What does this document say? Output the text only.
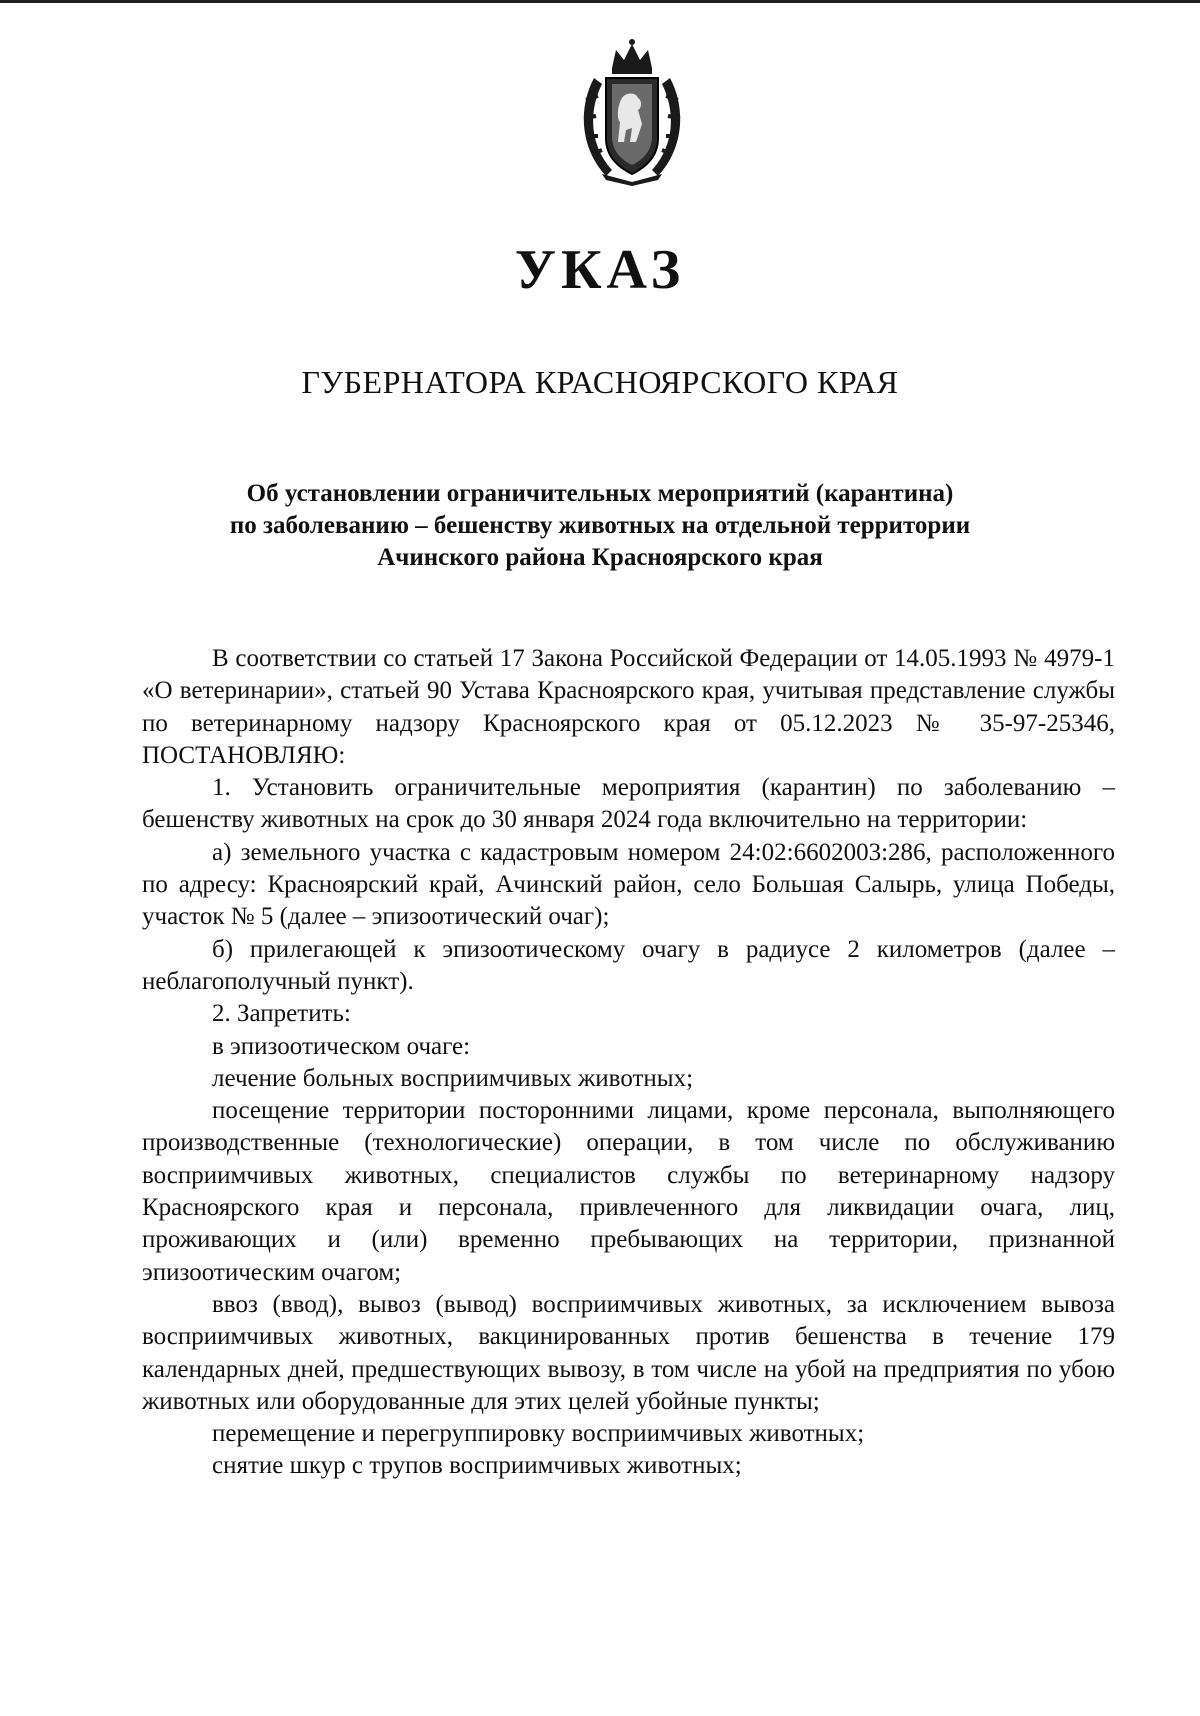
УКАЗ
ГУБЕРНАТОРА КРАСНОЯРСКОГО КРАЯ
Об установлении ограничительных мероприятий (карантина)
по заболеванию – бешенству животных на отдельной территории
Ачинского района Красноярского края

В соответствии со статьей 17 Закона Российской Федерации от 14.05.1993 № 4979-1 «О ветеринарии», статьей 90 Устава Красноярского края, учитывая представление службы по ветеринарному надзору Красноярского края от 05.12.2023 № 35-97-25346, ПОСТАНОВЛЯЮ:

1. Установить ограничительные мероприятия (карантин) по заболеванию – бешенству животных на срок до 30 января 2024 года включительно на территории:

а) земельного участка с кадастровым номером 24:02:6602003:286, расположенного по адресу: Красноярский край, Ачинский район, село Большая Салырь, улица Победы, участок № 5 (далее – эпизоотический очаг);

б) прилегающей к эпизоотическому очагу в радиусе 2 километров (далее – неблагополучный пункт).

2. Запретить:

в эпизоотическом очаге:

лечение больных восприимчивых животных;

посещение территории посторонними лицами, кроме персонала, выполняющего производственные (технологические) операции, в том числе по обслуживанию восприимчивых животных, специалистов службы по ветеринарному надзору Красноярского края и персонала, привлеченного для ликвидации очага, лиц, проживающих и (или) временно пребывающих на территории, признанной эпизоотическим очагом;

ввоз (ввод), вывоз (вывод) восприимчивых животных, за исключением вывоза восприимчивых животных, вакцинированных против бешенства в течение 179 календарных дней, предшествующих вывозу, в том числе на убой на предприятия по убою животных или оборудованные для этих целей убойные пункты;

перемещение и перегруппировку восприимчивых животных;

снятие шкур с трупов восприимчивых животных;
